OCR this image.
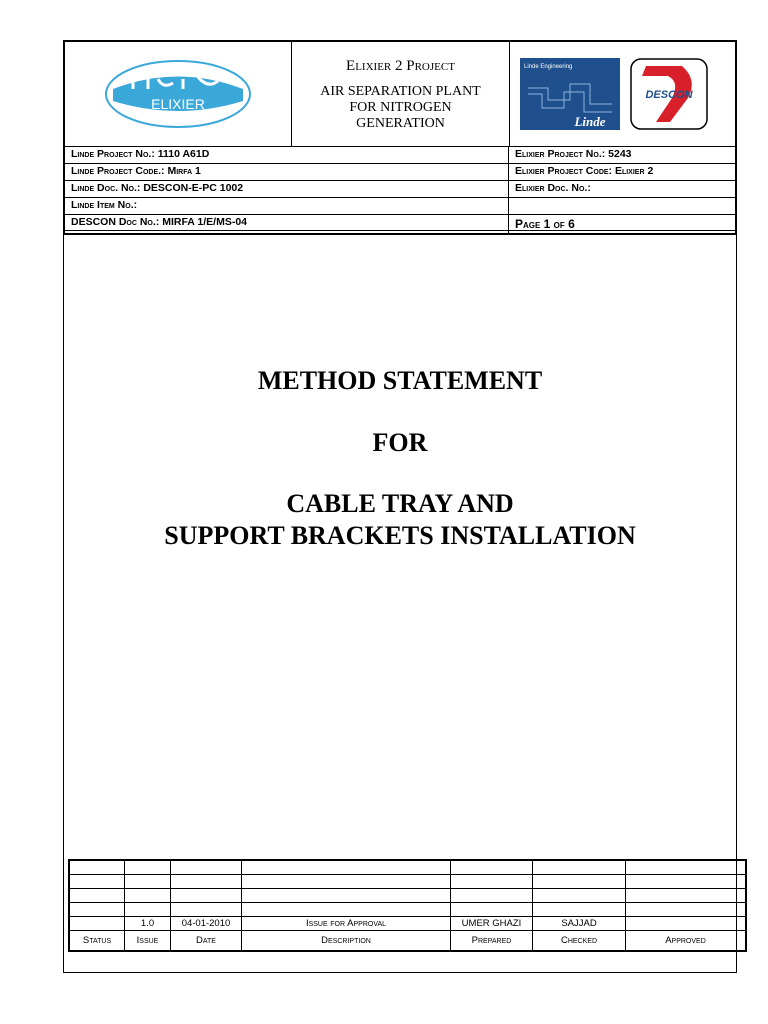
ELIXIER
Elixier 2 Project
AIR SEPARATION PLANT
FOR NITROGEN
GENERATION
Linde Engineering
Linde
DESCON
Linde Project No.: 1110 A61D	Elixier Project No.: 5243
Linde Project Code.: Mirfa 1	Elixier Project Code: Elixier 2
Linde Doc. No.: DESCON-E-PC 1002	Elixier Doc. No.:
Linde Item No.:
DESCON Doc No.: MIRFA 1/E/MS-04	Page 1 of 6
METHOD STATEMENT
FOR
CABLE TRAY AND
SUPPORT BRACKETS INSTALLATION

	1.0	04-01-2010	Issue for Approval	UMER GHAZI	SAJJAD	
Status	Issue	Date	Description	Prepared	Checked	Approved
